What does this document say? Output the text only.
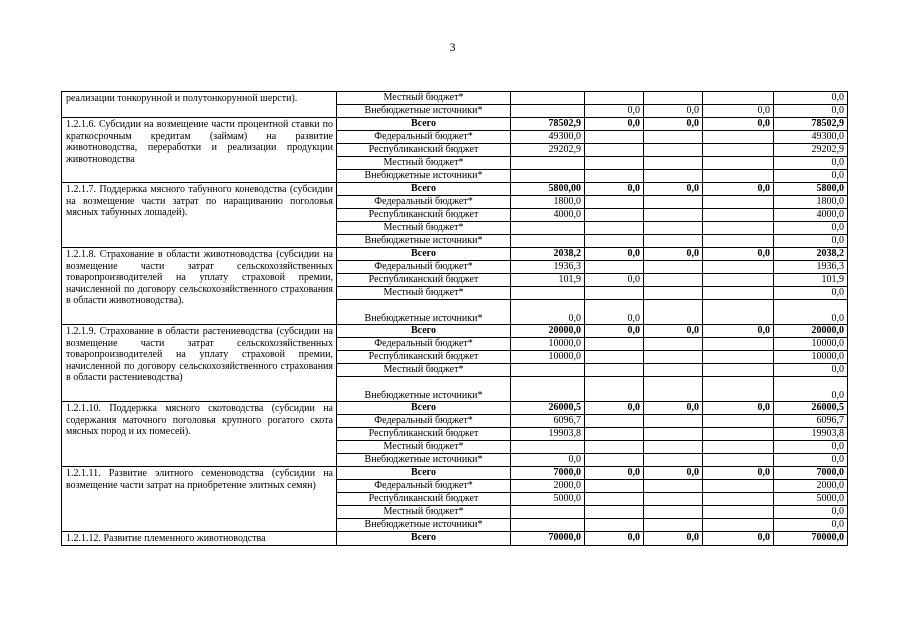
3
реализации тонкорунной и полутонкорунной шерсти).	Местный бюджет*					0,0
	Внебюджетные источники*		0,0	0,0	0,0	0,0
1.2.1.6. Субсидии на возмещение части процентной ставки по краткосрочным кредитам (займам) на развитие животноводства, переработки и реализации продукции животноводства	Всего	78502,9	0,0	0,0	0,0	78502,9
	Федеральный бюджет*	49300,0				49300,0
	Республиканский бюджет	29202,9				29202,9
	Местный бюджет*					0,0
	Внебюджетные источники*					0,0
1.2.1.7. Поддержка мясного табунного коневодства (субсидии на возмещение части затрат по наращиванию поголовья мясных табунных лошадей).	Всего	5800,00	0,0	0,0	0,0	5800,0
	Федеральный бюджет*	1800,0				1800,0
	Республиканский бюджет	4000,0				4000,0
	Местный бюджет*					0,0
	Внебюджетные источники*					0,0
1.2.1.8. Страхование в области животноводства (субсидии на возмещение части затрат сельскохозяйственных товаропроизводителей на уплату страховой премии, начисленной по договору сельскохозяйственного страхования в области животноводства).	Всего	2038,2	0,0	0,0	0,0	2038,2
	Федеральный бюджет*	1936,3				1936,3
	Республиканский бюджет	101,9	0,0			101,9
	Местный бюджет*					0,0
	Внебюджетные источники*	0,0	0,0			0,0
1.2.1.9. Страхование в области растениеводства (субсидии на возмещение части затрат сельскохозяйственных товаропроизводителей на уплату страховой премии, начисленной по договору сельскохозяйственного страхования в области растениеводства)	Всего	20000,0	0,0	0,0	0,0	20000,0
	Федеральный бюджет*	10000,0				10000,0
	Республиканский бюджет	10000,0				10000,0
	Местный бюджет*					0,0
	Внебюджетные источники*					0,0
1.2.1.10. Поддержка мясного скотоводства (субсидии на содержания маточного поголовья крупного рогатого скота мясных пород и их помесей).	Всего	26000,5	0,0	0,0	0,0	26000,5
	Федеральный бюджет*	6096,7				6096,7
	Республиканский бюджет	19903,8				19903,8
	Местный бюджет*					0,0
	Внебюджетные источники*	0,0				0,0
1.2.1.11. Развитие элитного семеноводства (субсидии на возмещение части затрат на приобретение элитных семян)	Всего	7000,0	0,0	0,0	0,0	7000,0
	Федеральный бюджет*	2000,0				2000,0
	Республиканский бюджет	5000,0				5000,0
	Местный бюджет*					0,0
	Внебюджетные источники*					0,0
1.2.1.12. Развитие племенного животноводства	Всего	70000,0	0,0	0,0	0,0	70000,0
